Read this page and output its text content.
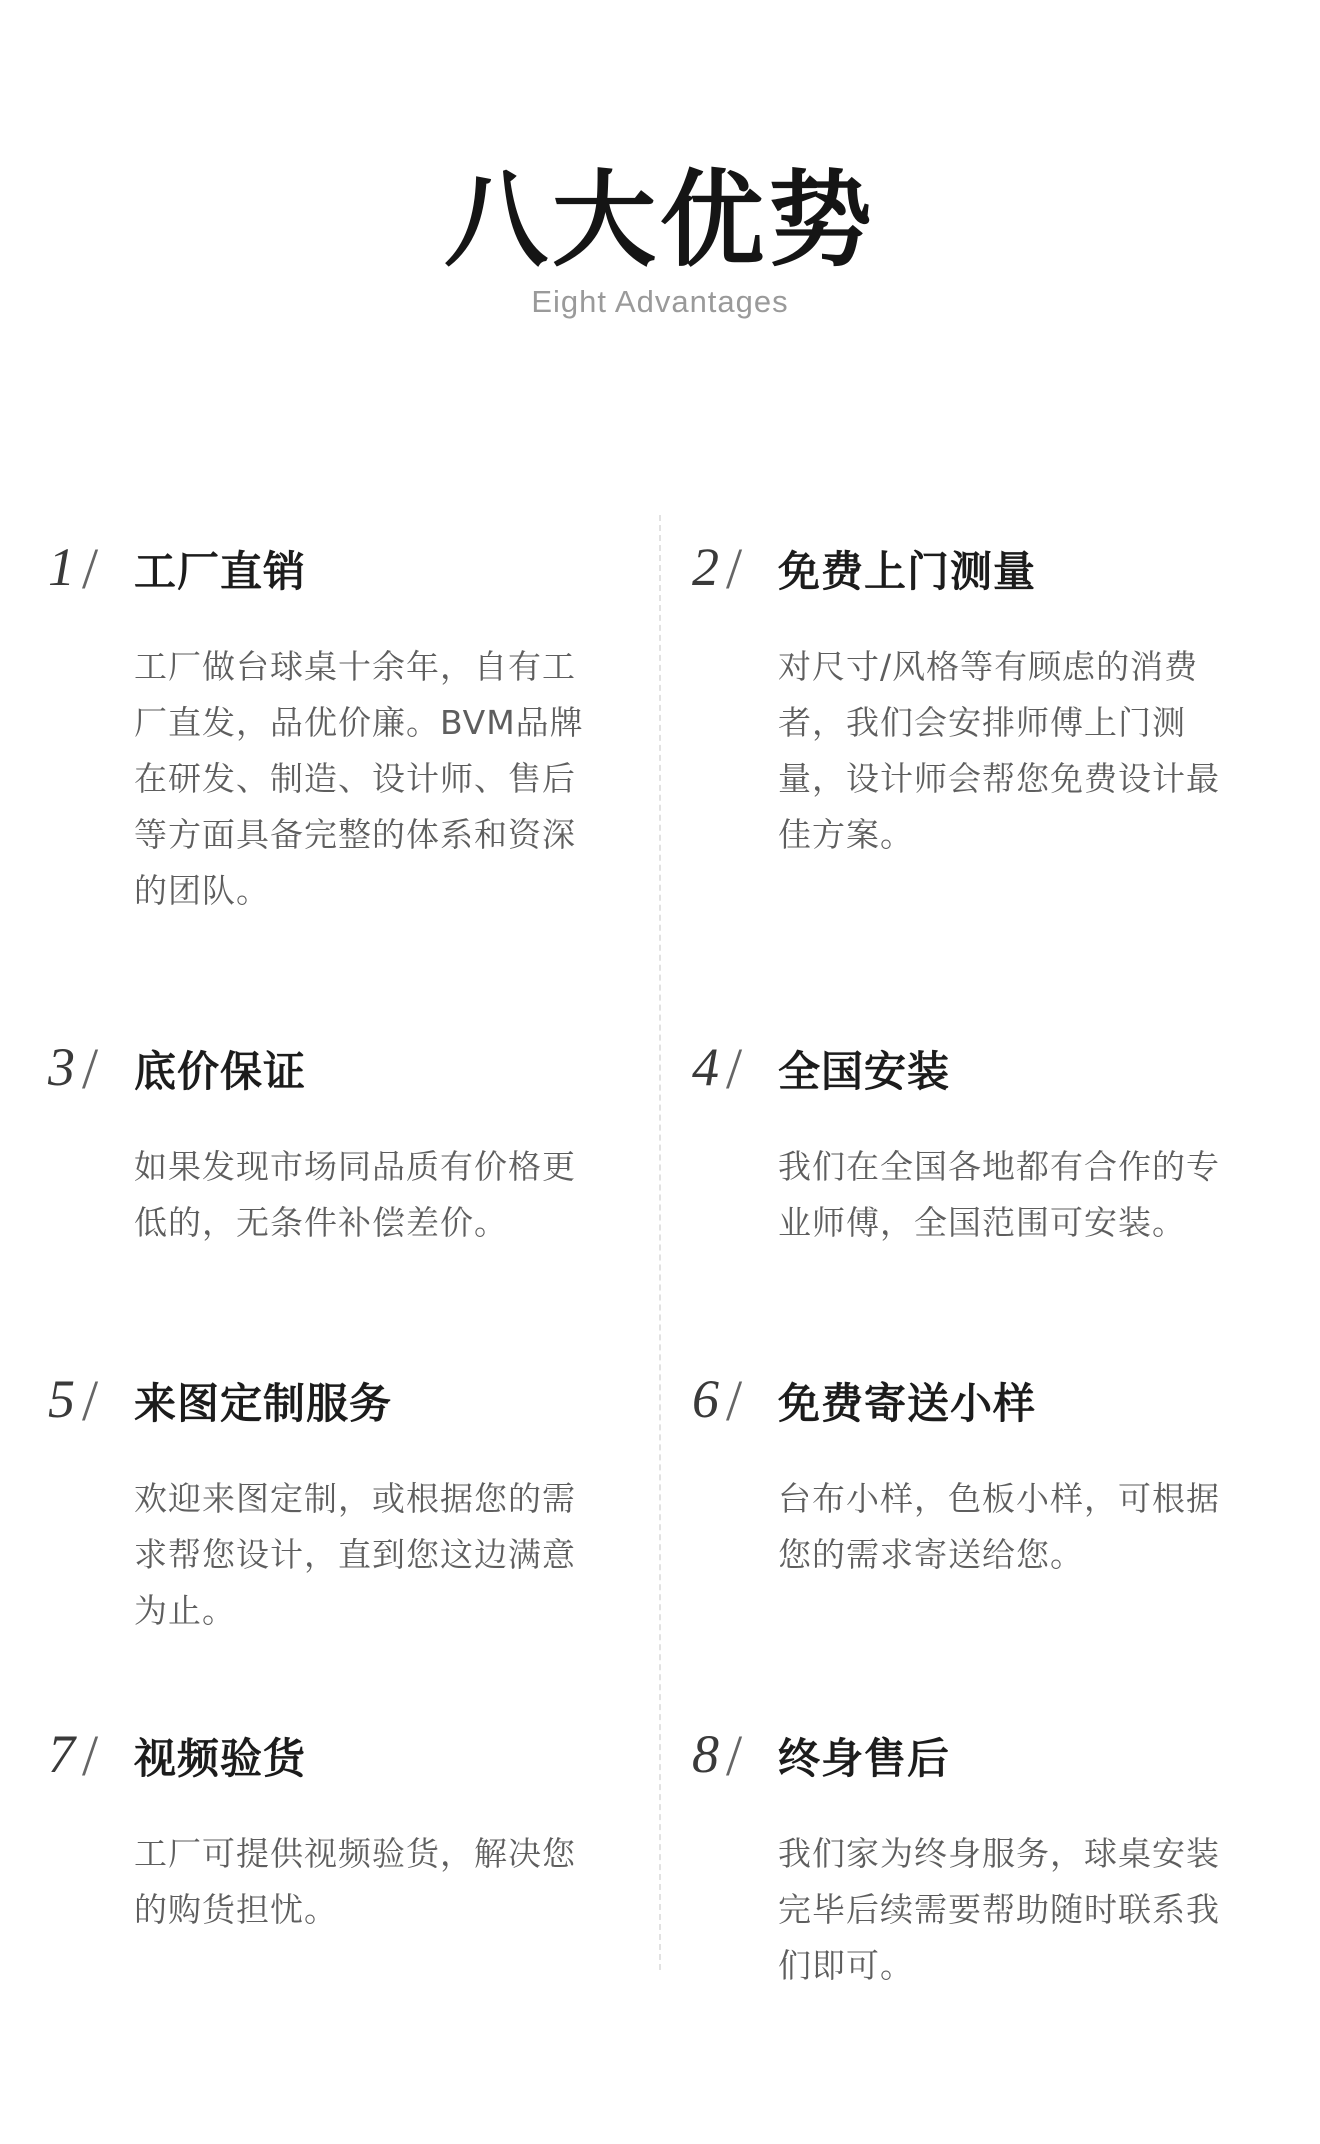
八大优势
Eight Advantages
1 / 工厂直销

工厂做台球桌十余年，自有工厂直发，品优价廉。BVM品牌在研发、制造、设计师、售后等方面具备完整的体系和资深的团队。

2 / 免费上门测量

对尺寸/风格等有顾虑的消费者，我们会安排师傅上门测量，设计师会帮您免费设计最佳方案。

3 / 底价保证

如果发现市场同品质有价格更低的，无条件补偿差价。

4 / 全国安装

我们在全国各地都有合作的专业师傅，全国范围可安装。

5 / 来图定制服务

欢迎来图定制，或根据您的需求帮您设计，直到您这边满意为止。

6 / 免费寄送小样

台布小样，色板小样，可根据您的需求寄送给您。

7 / 视频验货

工厂可提供视频验货，解决您的购货担忧。

8 / 终身售后

我们家为终身服务，球桌安装完毕后续需要帮助随时联系我们即可。
